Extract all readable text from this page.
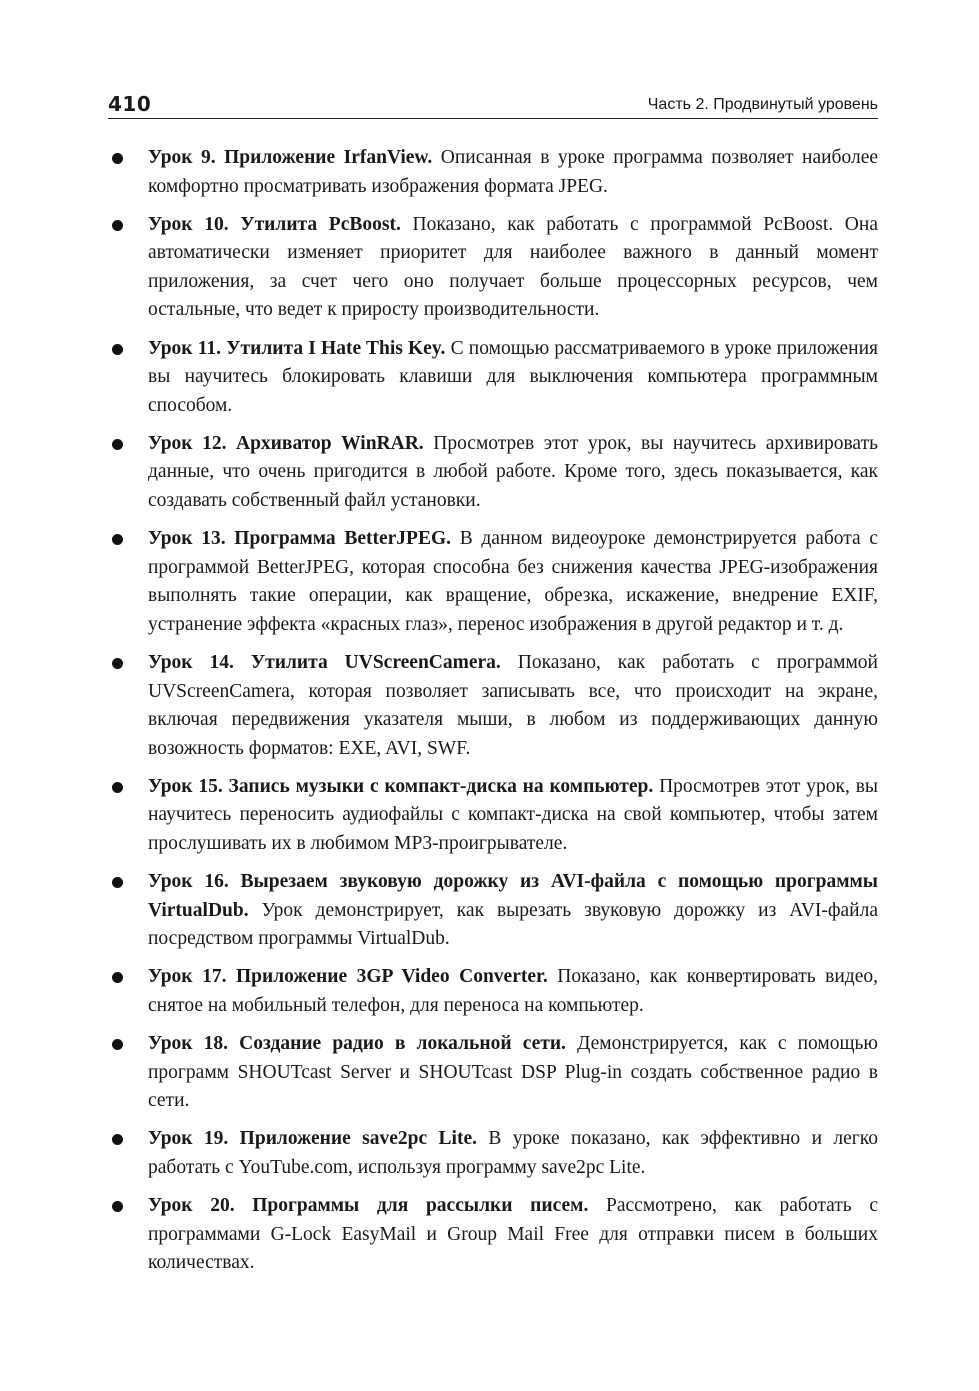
410	Часть 2. Продвинутый уровень
Урок 9. Приложение IrfanView. Описанная в уроке программа позволяет наиболее комфортно просматривать изображения формата JPEG.
Урок 10. Утилита PcBoost. Показано, как работать с программой PcBoost. Она автоматически изменяет приоритет для наиболее важного в данный момент приложения, за счет чего оно получает больше процессорных ресурсов, чем остальные, что ведет к приросту производительности.
Урок 11. Утилита I Hate This Key. С помощью рассматриваемого в уроке приложения вы научитесь блокировать клавиши для выключения компьютера программным способом.
Урок 12. Архиватор WinRAR. Просмотрев этот урок, вы научитесь архивировать данные, что очень пригодится в любой работе. Кроме того, здесь показывается, как создавать собственный файл установки.
Урок 13. Программа BetterJPEG. В данном видеоуроке демонстрируется работа с программой BetterJPEG, которая способна без снижения качества JPEG-изображения выполнять такие операции, как вращение, обрезка, искажение, внедрение EXIF, устранение эффекта «красных глаз», перенос изображения в другой редактор и т. д.
Урок 14. Утилита UVScreenCamera. Показано, как работать с программой UVScreenCamera, которая позволяет записывать все, что происходит на экране, включая передвижения указателя мыши, в любом из поддерживающих данную возожность форматов: EXE, AVI, SWF.
Урок 15. Запись музыки с компакт-диска на компьютер. Просмотрев этот урок, вы научитесь переносить аудиофайлы с компакт-диска на свой компьютер, чтобы затем прослушивать их в любимом MP3-проигрывателе.
Урок 16. Вырезаем звуковую дорожку из AVI-файла с помощью программы VirtualDub. Урок демонстрирует, как вырезать звуковую дорожку из AVI-файла посредством программы VirtualDub.
Урок 17. Приложение 3GP Video Converter. Показано, как конвертировать видео, снятое на мобильный телефон, для переноса на компьютер.
Урок 18. Создание радио в локальной сети. Демонстрируется, как с помощью программ SHOUTcast Server и SHOUTcast DSP Plug-in создать собственное радио в сети.
Урок 19. Приложение save2pc Lite. В уроке показано, как эффективно и легко работать с YouTube.com, используя программу save2pc Lite.
Урок 20. Программы для рассылки писем. Рассмотрено, как работать с программами G-Lock EasyMail и Group Mail Free для отправки писем в больших количествах.
